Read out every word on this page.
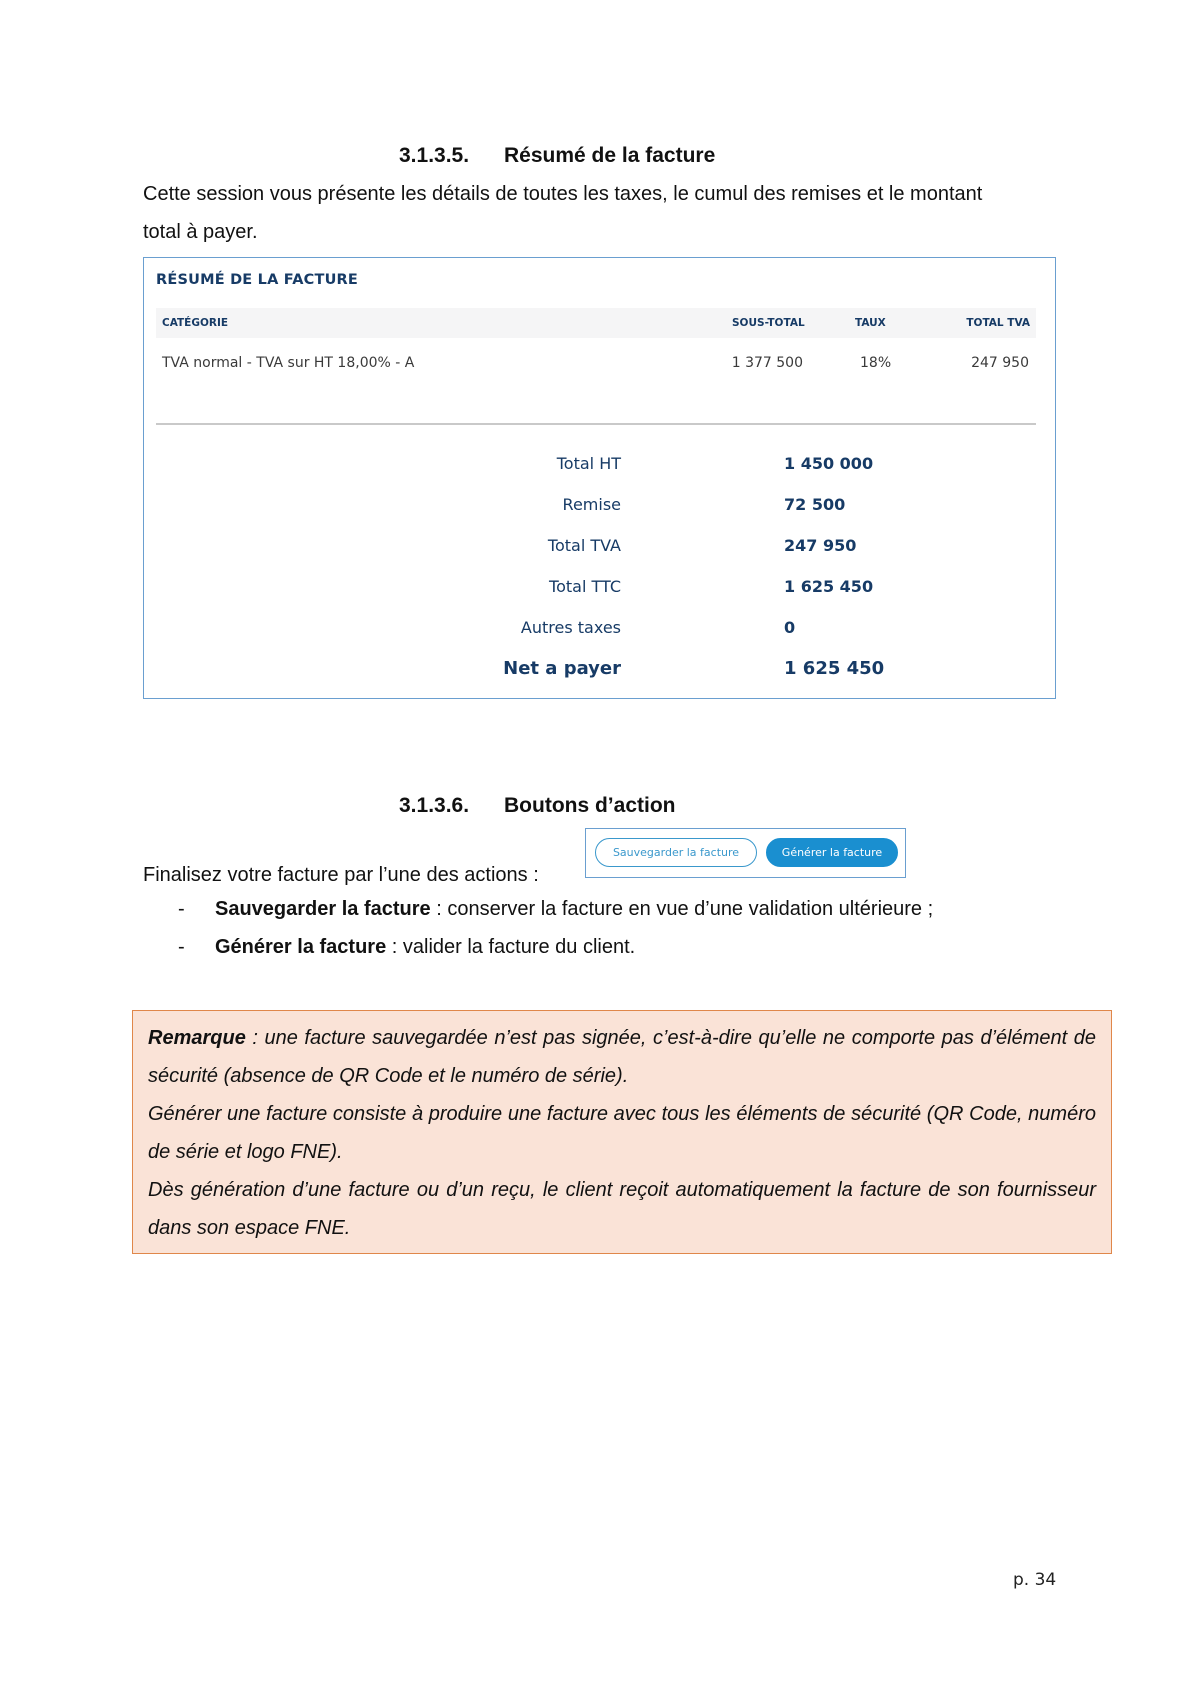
3.1.3.5. Résumé de la facture
Cette session vous présente les détails de toutes les taxes, le cumul des remises et le montant
total à payer.
RÉSUMÉ DE LA FACTURE
CATÉGORIE	SOUS-TOTAL	TAUX	TOTAL TVA
TVA normal - TVA sur HT 18,00% - A	1 377 500	18%	247 950
Total HT	1 450 000
Remise	72 500
Total TVA	247 950
Total TTC	1 625 450
Autres taxes	0
Net a payer	1 625 450
3.1.3.6. Boutons d’action
Finalisez votre facture par l’une des actions :
Sauvegarder la facture	Générer la facture
- Sauvegarder la facture : conserver la facture en vue d’une validation ultérieure ;
- Générer la facture : valider la facture du client.

Remarque : une facture sauvegardée n’est pas signée, c’est-à-dire qu’elle ne comporte pas d’élément de sécurité (absence de QR Code et le numéro de série).

Générer une facture consiste à produire une facture avec tous les éléments de sécurité (QR Code, numéro de série et logo FNE).

Dès génération d’une facture ou d’un reçu, le client reçoit automatiquement la facture de son fournisseur dans son espace FNE.

p. 34
